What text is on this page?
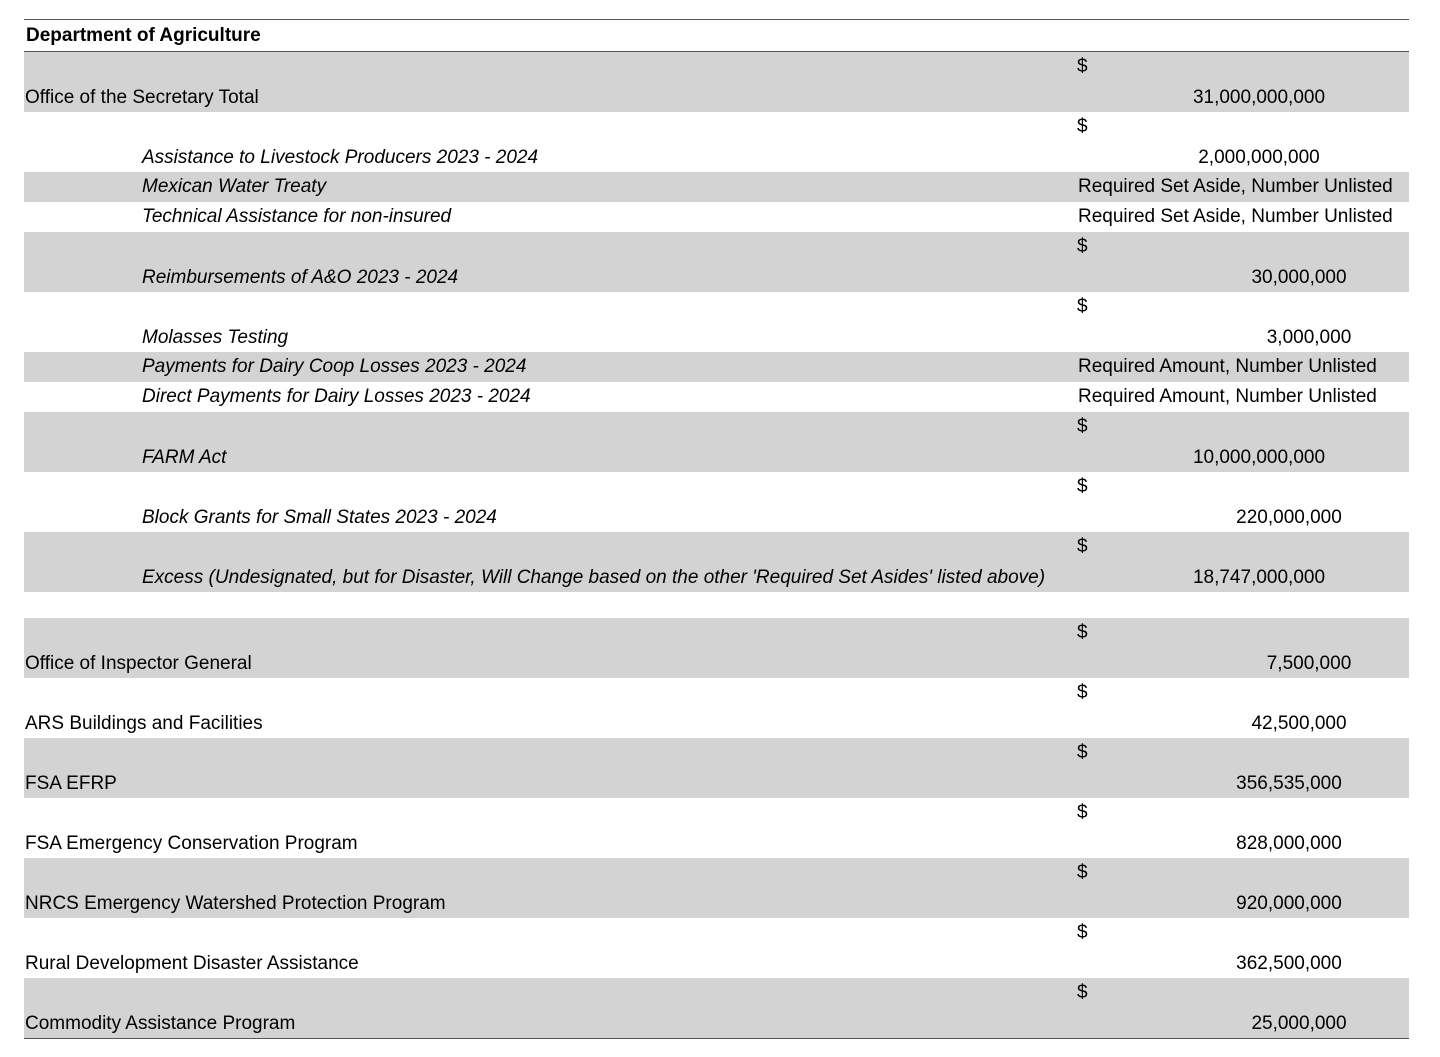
Department of Agriculture
$
Office of the Secretary Total	31,000,000,000
$
Assistance to Livestock Producers 2023 - 2024	2,000,000,000
Mexican Water Treaty	Required Set Aside, Number Unlisted
Technical Assistance for non-insured	Required Set Aside, Number Unlisted
$
Reimbursements of A&O 2023 - 2024	30,000,000
$
Molasses Testing	3,000,000
Payments for Dairy Coop Losses 2023 - 2024	Required Amount, Number Unlisted
Direct Payments for Dairy Losses 2023 - 2024	Required Amount, Number Unlisted
$
FARM Act	10,000,000,000
$
Block Grants for Small States 2023 - 2024	220,000,000
$
Excess (Undesignated, but for Disaster, Will Change based on the other 'Required Set Asides' listed above)	18,747,000,000
$
Office of Inspector General	7,500,000
$
ARS Buildings and Facilities	42,500,000
$
FSA EFRP	356,535,000
$
FSA Emergency Conservation Program	828,000,000
$
NRCS Emergency Watershed Protection Program	920,000,000
$
Rural Development Disaster Assistance	362,500,000
$
Commodity Assistance Program	25,000,000
